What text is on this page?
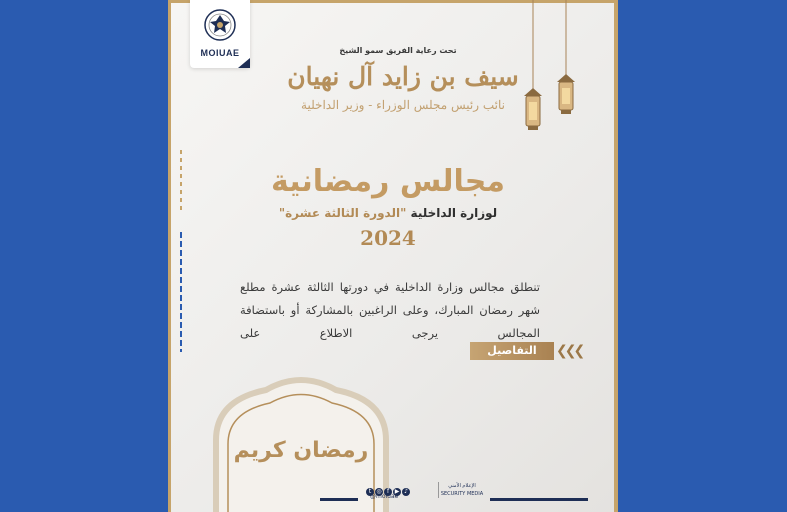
MOIUAE	تحت رعاية الفريق سمو الشيخ
سيف بن زايد آل نهيان
نائب رئيس مجلس الوزراء - وزير الداخلية
مجالس رمضانية
لوزارة الداخلية "الدورة الثالثة عشرة"
2024
تنطلق مجالس وزارة الداخلية في دورتها الثالثة عشرة مطلع شهر رمضان المبارك، وعلى الراغبين بالمشاركة أو باستضافة المجالس يرجى الاطلاع على
التفاصيل	❮❮❮
رمضان كريم
t ◎ f ▶ ♪
@moiuae
الإعلام الأمني
SECURITY MEDIA
